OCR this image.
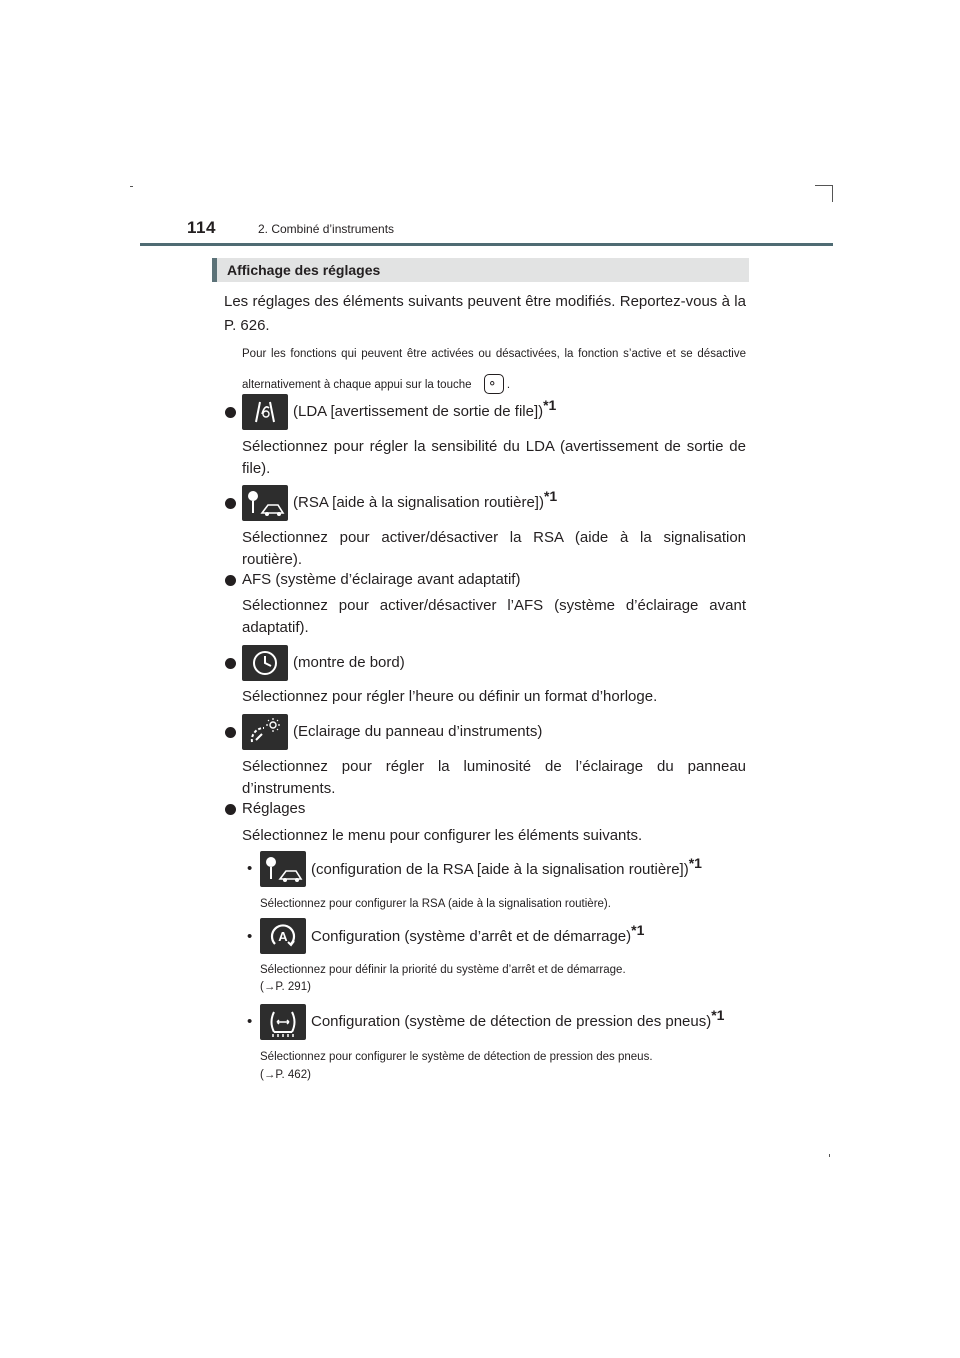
114	2. Combiné d’instruments
Affichage des réglages
Les réglages des éléments suivants peuvent être modifiés. Reportez-vous à la P. 626.
Pour les fonctions qui peuvent être activées ou désactivées, la fonction s’active et se désactive alternativement à chaque appui sur la touche	.
(LDA [avertissement de sortie de file])$^{*1}$
Sélectionnez pour régler la sensibilité du LDA (avertissement de sortie de file).
(RSA [aide à la signalisation routière])$^{*1}$
Sélectionnez pour activer/désactiver la RSA (aide à la signalisation routière).
AFS (système d’éclairage avant adaptatif)
Sélectionnez pour activer/désactiver l’AFS (système d’éclairage avant adaptatif).
(montre de bord)
Sélectionnez pour régler l’heure ou définir un format d’horloge.
(Eclairage du panneau d’instruments)
Sélectionnez pour régler la luminosité de l’éclairage du panneau d’instruments.
Réglages
Sélectionnez le menu pour configurer les éléments suivants.
•	(configuration de la RSA [aide à la signalisation routière])$^{*1}$
Sélectionnez pour configurer la RSA (aide à la signalisation routière).
• A Configuration (système d’arrêt et de démarrage)$^{*1}$
Sélectionnez pour définir la priorité du système d’arrêt et de démarrage.
(→P. 291)
•	Configuration (système de détection de pression des pneus)$^{*1}$
Sélectionnez pour configurer le système de détection de pression des pneus.
(→P. 462)
